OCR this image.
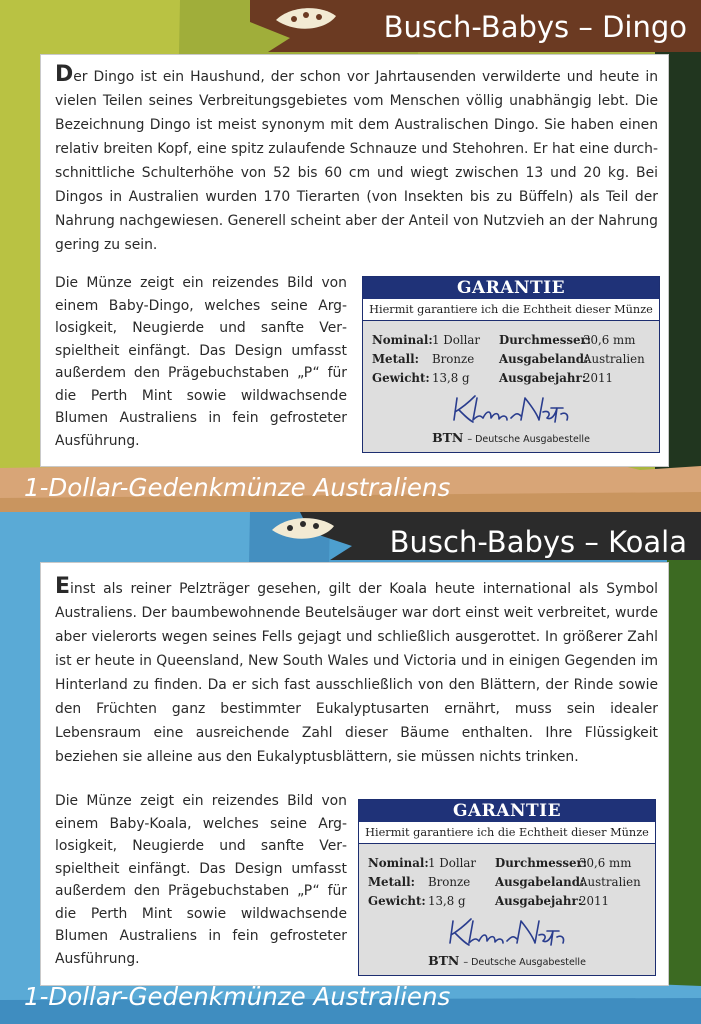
Busch-Babys – Dingo

Der Dingo ist ein Haushund, der schon vor Jahrtausenden verwilderte und heute in vielen Teilen seines Verbreitungsgebietes vom Menschen völlig unabhängig lebt. Die Bezeichnung Dingo ist meist synonym mit dem Australischen Dingo. Sie haben einen relativ breiten Kopf, eine spitz zulaufende Schnauze und Stehohren. Er hat eine durchschnittliche Schulterhöhe von 52 bis 60 cm und wiegt zwischen 13 und 20 kg. Bei Dingos in Australien wurden 170 Tierarten (von Insekten bis zu Büffeln) als Teil der Nahrung nachgewiesen. Generell scheint aber der Anteil von Nutzvieh an der Nahrung gering zu sein.

Die Münze zeigt ein reizendes Bild von einem Baby-Dingo, welches seine Arglosigkeit, Neugierde und sanfte Verspieltheit einfängt. Das Design umfasst außerdem den Prägebuchstaben „P“ für die Perth Mint sowie wildwachsende Blumen Australiens in fein gefrosteter Ausführung.

GARANTIE
Hiermit garantiere ich die Echtheit dieser Münze
Nominal: 1 Dollar Durchmesser:
30,6 mm
Metall: Bronze Ausgabeland:
Australien
Gewicht: 13,8 g Ausgabejahr:
2011
BTN – Deutsche Ausgabestelle
1-Dollar-Gedenkmünze Australiens
Busch-Babys – Koala

Einst als reiner Pelzträger gesehen, gilt der Koala heute international als Symbol Australiens. Der baumbewohnende Beutelsäuger war dort einst weit verbreitet, wurde aber vielerorts wegen seines Fells gejagt und schließlich ausgerottet. In größerer Zahl ist er heute in Queensland, New South Wales und Victoria und in einigen Gegenden im Hinterland zu finden. Da er sich fast ausschließlich von den Blättern, der Rinde sowie den Früchten ganz bestimmter Eukalyptusarten ernährt, muss sein idealer Lebensraum eine ausreichende Zahl dieser Bäume enthalten. Ihre Flüssigkeit beziehen sie alleine aus den Eukalyptusblättern, sie müssen nichts trinken.

Die Münze zeigt ein reizendes Bild von einem Baby-Koala, welches seine Arglosigkeit, Neugierde und sanfte Verspieltheit einfängt. Das Design umfasst außerdem den Prägebuchstaben „P“ für die Perth Mint sowie wildwachsende Blumen Australiens in fein gefrosteter Ausführung.

GARANTIE
Hiermit garantiere ich die Echtheit dieser Münze
Nominal: 1 Dollar Durchmesser:
30,6 mm
Metall: Bronze Ausgabeland:
Australien
Gewicht: 13,8 g Ausgabejahr:
2011
BTN – Deutsche Ausgabestelle
1-Dollar-Gedenkmünze Australiens
